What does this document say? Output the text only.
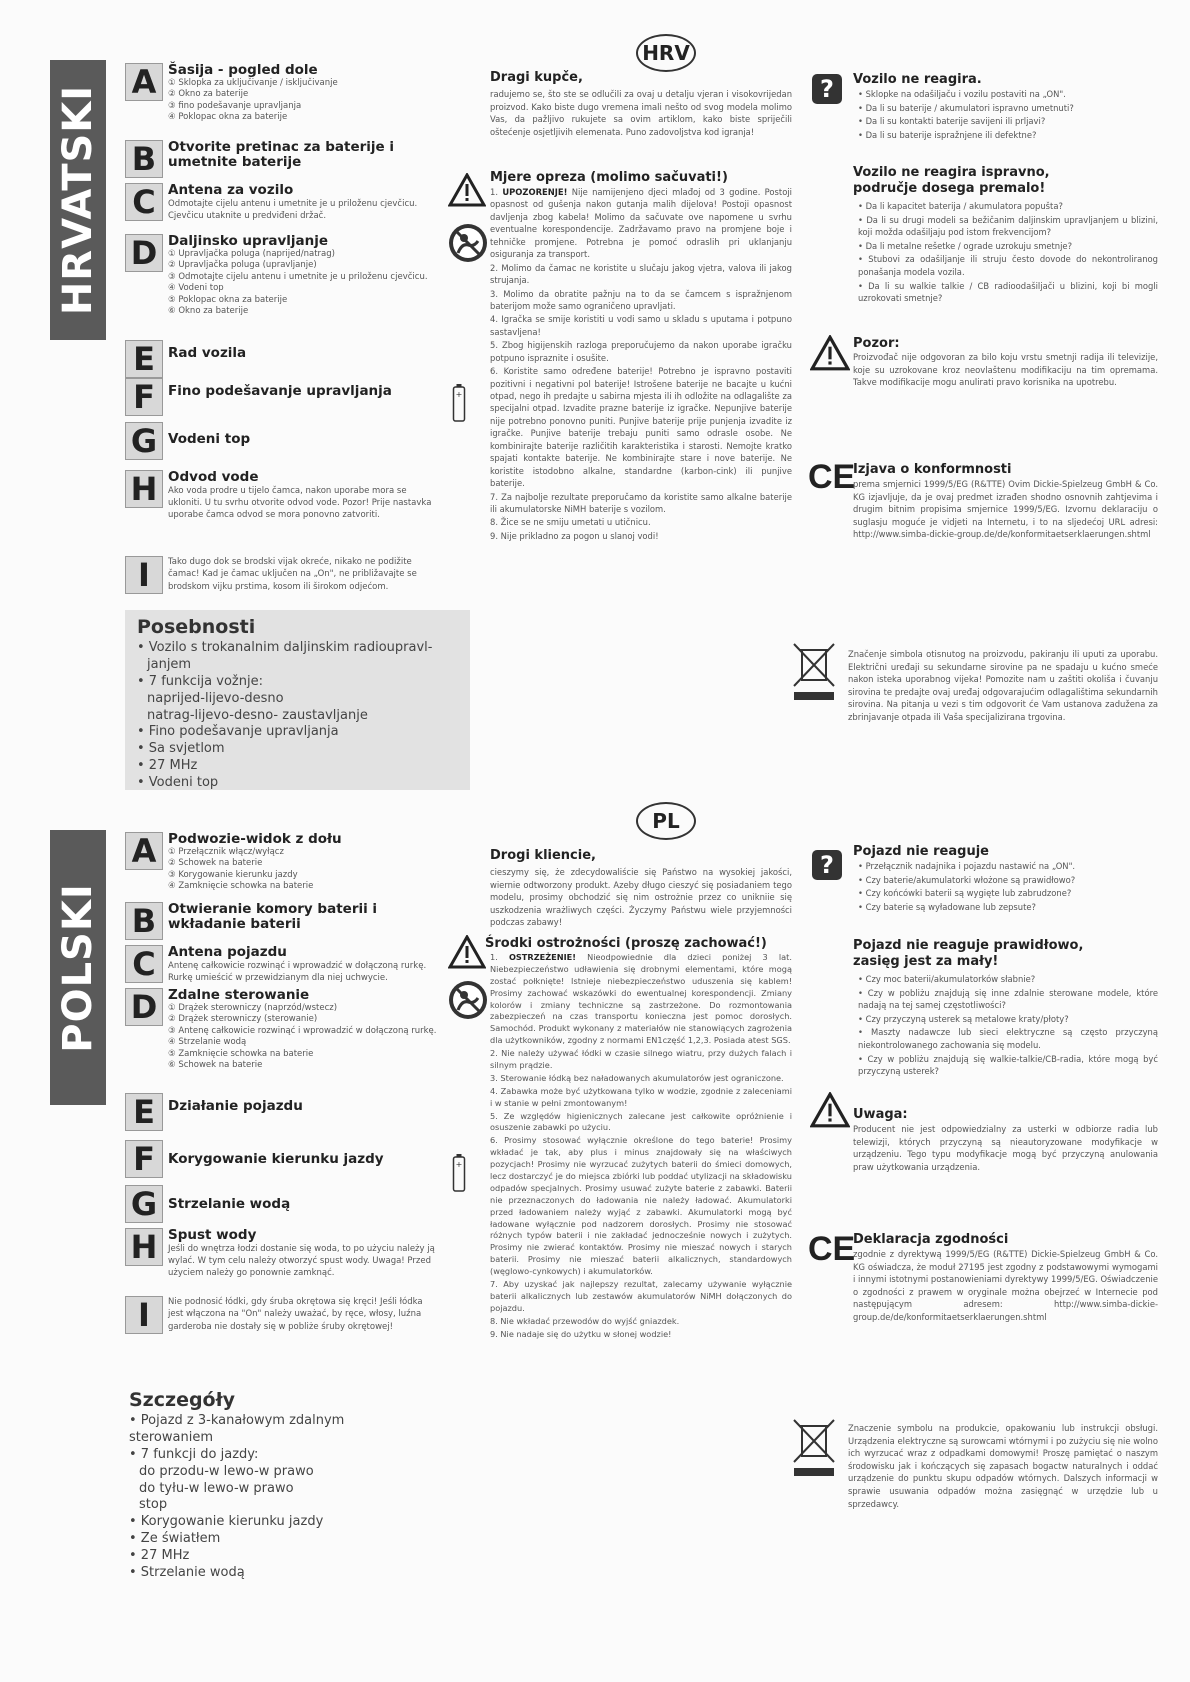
HRVATSKI
A Šasija - pogled dole
① Sklopka za uključivanje / isključivanje
② Okno za baterije
③ fino podešavanje upravljanja
④ Poklopac okna za baterije
B Otvorite pretinac za baterije i umetnite baterije
C Antena za vozilo
Odmotajte cijelu antenu i umetnite je u priloženu cjevčicu. Cjevčicu utaknite u predviđeni držač.
D Daljinsko upravljanje
① Upravljačka poluga (naprijed/natrag)
② Upravljačka poluga (upravljanje)
③ Odmotajte cijelu antenu i umetnite je u priloženu cjevčicu.
④ Vodeni top
⑤ Poklopac okna za baterije
⑥ Okno za baterije
E Rad vozila
F Fino podešavanje upravljanja
G Vodeni top
H Odvod vode
Ako voda prodre u tijelo čamca, nakon uporabe mora se ukloniti. U tu svrhu otvorite odvod vode. Pozor! Prije nastavka uporabe čamca odvod se mora ponovno zatvoriti.
I	Tako dugo dok se brodski vijak okreće, nikako ne podižite čamac! Kad je čamac uključen na „On", ne približavajte se brodskom vijku prstima, kosom ili širokom odjećom.
Posebnosti
• Vozilo s trokanalnim daljinskim radioupravl-
janjem
• 7 funkcija vožnje:
naprijed-lijevo-desno
natrag-lijevo-desno- zaustavljanje
• Fino podešavanje upravljanja
• Sa svjetlom
• 27 MHz
• Vodeni top
HRV
Dragi kupče,
radujemo se, što ste se odlučili za ovaj u detalju vjeran i visokovrijedan proizvod. Kako biste dugo vremena imali nešto od svog modela molimo Vas, da pažljivo rukujete sa ovim artiklom, kako biste spriječili oštećenje osjetljivih elemenata. Puno zadovoljstva kod igranja!
+
Mjere opreza (molimo sačuvati!)
1. UPOZORENJE! Nije namijenjeno djeci mlađoj od 3 godine. Postoji opasnost od gušenja nakon gutanja malih dijelova! Postoji opasnost davljenja zbog kabela! Molimo da sačuvate ove napomene u svrhu eventualne korespondencije. Zadržavamo pravo na promjene boje i tehničke promjene. Potrebna je pomoć odraslih pri uklanjanju osiguranja za transport.
2. Molimo da čamac ne koristite u slučaju jakog vjetra, valova ili jakog strujanja.
3. Molimo da obratite pažnju na to da se čamcem s ispražnjenom baterijom može samo ograničeno upravljati.
4. Igračka se smije koristiti u vodi samo u skladu s uputama i potpuno sastavljena!
5. Zbog higijenskih razloga preporučujemo da nakon uporabe igračku potpuno ispraznite i osušite.
6. Koristite samo određene baterije! Potrebno je ispravno postaviti pozitivni i negativni pol baterije! Istrošene baterije ne bacajte u kućni otpad, nego ih predajte u sabirna mjesta ili ih odložite na odlagalište za specijalni otpad. Izvadite prazne baterije iz igračke. Nepunjive baterije nije potrebno ponovno puniti. Punjive baterije prije punjenja izvadite iz igračke. Punjive baterije trebaju puniti samo odrasle osobe. Ne kombinirajte baterije različitih karakteristika i starosti. Nemojte kratko spajati kontakte baterije. Ne kombinirajte stare i nove baterije. Ne koristite istodobno alkalne, standardne (karbon-cink) ili punjive baterije.
7. Za najbolje rezultate preporučamo da koristite samo alkalne baterije ili akumulatorske NiMH baterije s vozilom.
8. Žice se ne smiju umetati u utičnicu.
9. Nije prikladno za pogon u slanoj vodi!
?	Vozilo ne reagira.
• Sklopke na odašiljaču i vozilu postaviti na „ON".
• Da li su baterije / akumulatori ispravno umetnuti?
• Da li su kontakti baterije savijeni ili prljavi?
• Da li su baterije ispražnjene ili defektne?
Vozilo ne reagira ispravno, područje dosega premalo!
• Da li kapacitet baterija / akumulatora popušta?
• Da li su drugi modeli sa bežičanim daljinskim upravljanjem u blizini, koji možda odašiljaju pod istom frekvencijom?
• Da li metalne rešetke / ograde uzrokuju smetnje?
• Stubovi za odašiljanje ili struju često dovode do nekontroliranog ponašanja modela vozila.
• Da li su walkie talkie / CB radioodašiljači u blizini, koji bi mogli uzrokovati smetnje?
Pozor:
Proizvođač nije odgovoran za bilo koju vrstu smetnji radija ili televizije, koje su uzrokovane kroz neovlaštenu modifikaciju na tim opremama. Takve modifikacije mogu anulirati pravo korisnika na upotrebu.
CE
Izjava o konformnosti
prema smjernici 1999/5/EG (R&TTE) Ovim Dickie-Spielzeug GmbH & Co. KG izjavljuje, da je ovaj predmet izrađen shodno osnovnih zahtjevima i drugim bitnim propisima smjernice 1999/5/EG. Izvornu deklaraciju o suglasju moguće je vidjeti na Internetu, i to na sljedećoj URL adresi: http://www.simba-dickie-group.de/de/konformitaetserklaerungen.shtml
Značenje simbola otisnutog na proizvodu, pakiranju ili uputi za uporabu. Električni uređaji su sekundarne sirovine pa ne spadaju u kućno smeće nakon isteka uporabnog vijeka! Pomozite nam u zaštiti okoliša i čuvanju sirovina te predajte ovaj uređaj odgovarajućim odlagalištima sekundarnih sirovina. Na pitanja u vezi s tim odgovorit će Vam ustanova zadužena za zbrinjavanje otpada ili Vaša specijalizirana trgovina.
POLSKI
A Podwozie-widok z dołu
① Przełącznik włącz/wyłącz
② Schowek na baterie
③ Korygowanie kierunku jazdy
④ Zamknięcie schowka na baterie
B Otwieranie komory baterii i wkładanie baterii
C Antena pojazdu
Antenę całkowicie rozwinąć i wprowadzić w dołączoną rurkę. Rurkę umieścić w przewidzianym dla niej uchwycie.
D Zdalne sterowanie
① Drążek sterowniczy (naprzód/wstecz)
② Drążek sterowniczy (sterowanie)
③ Antenę całkowicie rozwinąć i wprowadzić w dołączoną rurkę.
④ Strzelanie wodą
⑤ Zamknięcie schowka na baterie
⑥ Schowek na baterie
E Działanie pojazdu
F Korygowanie kierunku jazdy
G Strzelanie wodą
H Spust wody
Jeśli do wnętrza łodzi dostanie się woda, to po użyciu należy ją wylać. W tym celu należy otworzyć spust wody. Uwaga! Przed użyciem należy go ponownie zamknąć.
I	Nie podnosić łódki, gdy śruba okrętowa się kręci! Jeśli łódka jest włączona na "On" należy uważać, by ręce, włosy, luźna garderoba nie dostały się w pobliże śruby okrętowej!
Szczegóły
• Pojazd z 3-kanałowym zdalnym sterowaniem
• 7 funkcji do jazdy:
do przodu-w lewo-w prawo
do tyłu-w lewo-w prawo
stop
• Korygowanie kierunku jazdy
• Ze światłem
• 27 MHz
• Strzelanie wodą
PL
Drogi kliencie,
cieszymy się, że zdecydowaliście się Państwo na wysokiej jakości, wiernie odtworzony produkt. Azeby długo cieszyć się posiadaniem tego modelu, prosimy obchodzić się nim ostrożnie przez co unikniie się uszkodzenia wrażliwych części. Życzymy Państwu wiele przyjemności podczas zabawy!
+
Środki ostrożności (proszę zachować!)
1. OSTRZEŻENIE! Nieodpowiednie dla dzieci poniżej 3 lat. Niebezpieczeństwo udławienia się drobnymi elementami, które mogą zostać połknięte! Istnieje niebezpieczeństwo uduszenia się kablem! Prosimy zachować wskazówki do ewentualnej korespondencji. Zmiany kolorów i zmiany techniczne są zastrzeżone. Do rozmontowania zabezpieczeń na czas transportu konieczna jest pomoc dorosłych. Samochód. Produkt wykonany z materiałów nie stanowiących zagrożenia dla użytkowników, zgodny z normami EN1część 1,2,3. Posiada atest SGS.
2. Nie należy używać łódki w czasie silnego wiatru, przy dużych falach i silnym prądzie.
3. Sterowanie łódką bez naładowanych akumulatorów jest ograniczone.
4. Zabawka może być użytkowana tylko w wodzie, zgodnie z zaleceniami i w stanie w pełni zmontowanym!
5. Ze względów higienicznych zalecane jest całkowite opróżnienie i osuszenie zabawki po użyciu.
6. Prosimy stosować wyłącznie określone do tego baterie! Prosimy wkładać je tak, aby plus i minus znajdowały się na właściwych pozycjach! Prosimy nie wyrzucać zużytych baterii do śmieci domowych, lecz dostarczyć je do miejsca zbiórki lub poddać utylizacji na składowisku odpadów specjalnych. Prosimy usuwać zużyte baterie z zabawki. Baterii nie przeznaczonych do ładowania nie należy ładować. Akumulatorki przed ładowaniem należy wyjąć z zabawki. Akumulatorki mogą być ładowane wyłącznie pod nadzorem dorosłych. Prosimy nie stosować różnych typów baterii i nie zakładać jednocześnie nowych i zużytych. Prosimy nie zwierać kontaktów. Prosimy nie mieszać nowych i starych baterii. Prosimy nie mieszać baterii alkalicznych, standardowych (węglowo-cynkowych) i akumulatorków.
7. Aby uzyskać jak najlepszy rezultat, zalecamy używanie wyłącznie baterii alkalicznych lub zestawów akumulatorów NiMH dołączonych do pojazdu.
8. Nie wkładać przewodów do wyjść gniazdek.
9. Nie nadaje się do użytku w słonej wodzie!
?	Pojazd nie reaguje
• Przełącznik nadajnika i pojazdu nastawić na „ON".
• Czy baterie/akumulatorki włożone są prawidłowo?
• Czy końcówki baterii są wygięte lub zabrudzone?
• Czy baterie są wyładowane lub zepsute?
Pojazd nie reaguje prawidłowo, zasięg jest za mały!
• Czy moc baterii/akumulatorków słabnie?
• Czy w pobliżu znajdują się inne zdalnie sterowane modele, które nadają na tej samej częstotliwości?
• Czy przyczyną usterek są metalowe kraty/płoty?
• Maszty nadawcze lub sieci elektryczne są często przyczyną niekontrolowanego zachowania się modelu.
• Czy w pobliżu znajdują się walkie-talkie/CB-radia, które mogą być przyczyną usterek?
Uwaga:
Producent nie jest odpowiedzialny za usterki w odbiorze radia lub telewizji, których przyczyną są nieautoryzowane modyfikacje w urządzeniu. Tego typu modyfikacje mogą być przyczyną anulowania praw użytkowania urządzenia.
CE
Deklaracja zgodności
zgodnie z dyrektywą 1999/5/EG (R&TTE) Dickie-Spielzeug GmbH & Co. KG oświadcza, że moduł 27195 jest zgodny z podstawowymi wymogami i innymi istotnymi postanowieniami dyrektywy 1999/5/EG. Oświadczenie o zgodności z prawem w oryginale można obejrzeć w Internecie pod następującym adresem: http://www.simba-dickie-group.de/de/konformitaetserklaerungen.shtml
Znaczenie symbolu na produkcie, opakowaniu lub instrukcji obsługi. Urządzenia elektryczne są surowcami wtórnymi i po zużyciu się nie wolno ich wyrzucać wraz z odpadkami domowymi! Proszę pamiętać o naszym środowisku jak i kończących się zapasach bogactw naturalnych i oddać urządzenie do punktu skupu odpadów wtórnych. Dalszych informacji w sprawie usuwania odpadów można zasięgnąć w urzędzie lub u sprzedawcy.
